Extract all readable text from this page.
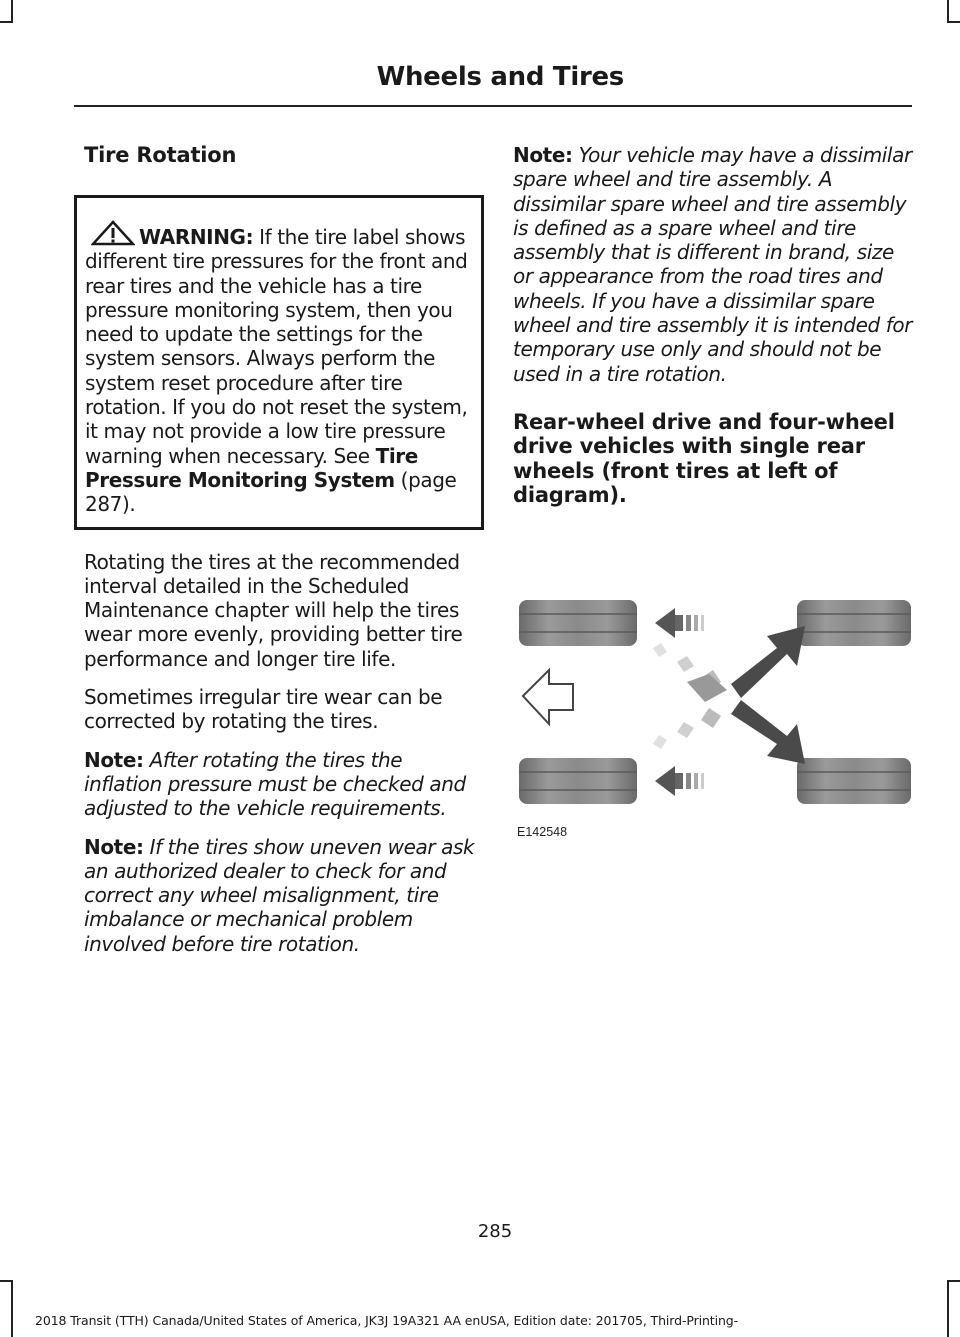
Wheels and Tires
Tire Rotation
WARNING: If the tire label shows different tire pressures for the front and rear tires and the vehicle has a tire pressure monitoring system, then you need to update the settings for the system sensors. Always perform the system reset procedure after tire rotation. If you do not reset the system, it may not provide a low tire pressure warning when necessary. See Tire Pressure Monitoring System (page 287).

Rotating the tires at the recommended interval detailed in the Scheduled Maintenance chapter will help the tires wear more evenly, providing better tire performance and longer tire life.

Sometimes irregular tire wear can be corrected by rotating the tires.

Note: After rotating the tires the inflation pressure must be checked and adjusted to the vehicle requirements.

Note: If the tires show uneven wear ask an authorized dealer to check for and correct any wheel misalignment, tire imbalance or mechanical problem involved before tire rotation.

Note: Your vehicle may have a dissimilar spare wheel and tire assembly. A dissimilar spare wheel and tire assembly is defined as a spare wheel and tire assembly that is different in brand, size or appearance from the road tires and wheels. If you have a dissimilar spare wheel and tire assembly it is intended for temporary use only and should not be used in a tire rotation.

Rear-wheel drive and four-wheel drive vehicles with single rear wheels (front tires at left of diagram).
E142548
285
2018 Transit (TTH) Canada/United States of America, JK3J 19A321 AA enUSA, Edition date: 201705, Third-Printing-
